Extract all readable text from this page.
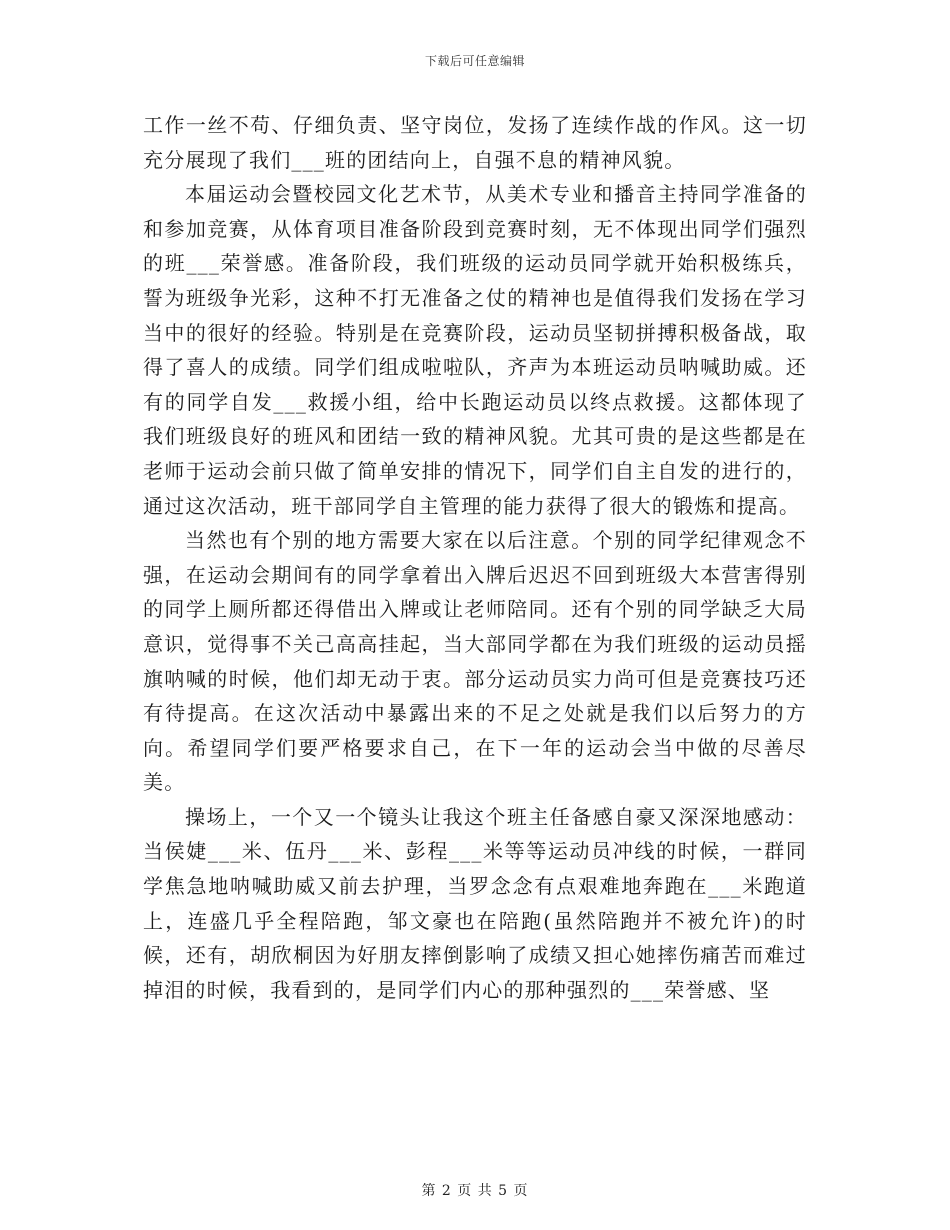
下载后可任意编辑

工作一丝不苟、仔细负责、坚守岗位，发扬了连续作战的作风。这一切充分展现了我们___班的团结向上，自强不息的精神风貌。

本届运动会暨校园文化艺术节，从美术专业和播音主持同学准备的和参加竞赛，从体育项目准备阶段到竞赛时刻，无不体现出同学们强烈的班___荣誉感。准备阶段，我们班级的运动员同学就开始积极练兵，誓为班级争光彩，这种不打无准备之仗的精神也是值得我们发扬在学习当中的很好的经验。特别是在竞赛阶段，运动员坚韧拼搏积极备战，取得了喜人的成绩。同学们组成啦啦队，齐声为本班运动员呐喊助威。还有的同学自发___救援小组，给中长跑运动员以终点救援。这都体现了我们班级良好的班风和团结一致的精神风貌。尤其可贵的是这些都是在老师于运动会前只做了简单安排的情况下，同学们自主自发的进行的，通过这次活动，班干部同学自主管理的能力获得了很大的锻炼和提高。

当然也有个别的地方需要大家在以后注意。个别的同学纪律观念不强，在运动会期间有的同学拿着出入牌后迟迟不回到班级大本营害得别的同学上厕所都还得借出入牌或让老师陪同。还有个别的同学缺乏大局意识，觉得事不关己高高挂起，当大部同学都在为我们班级的运动员摇旗呐喊的时候，他们却无动于衷。部分运动员实力尚可但是竞赛技巧还有待提高。在这次活动中暴露出来的不足之处就是我们以后努力的方向。希望同学们要严格要求自己，在下一年的运动会当中做的尽善尽美。

操场上，一个又一个镜头让我这个班主任备感自豪又深深地感动：当侯婕___米、伍丹___米、彭程___米等等运动员冲线的时候，一群同学焦急地呐喊助威又前去护理，当罗念念有点艰难地奔跑在___米跑道上，连盛几乎全程陪跑，邹文豪也在陪跑(虽然陪跑并不被允许)的时候，还有，胡欣桐因为好朋友摔倒影响了成绩又担心她摔伤痛苦而难过掉泪的时候，我看到的，是同学们内心的那种强烈的___荣誉感、坚

第 2 页 共 5 页
